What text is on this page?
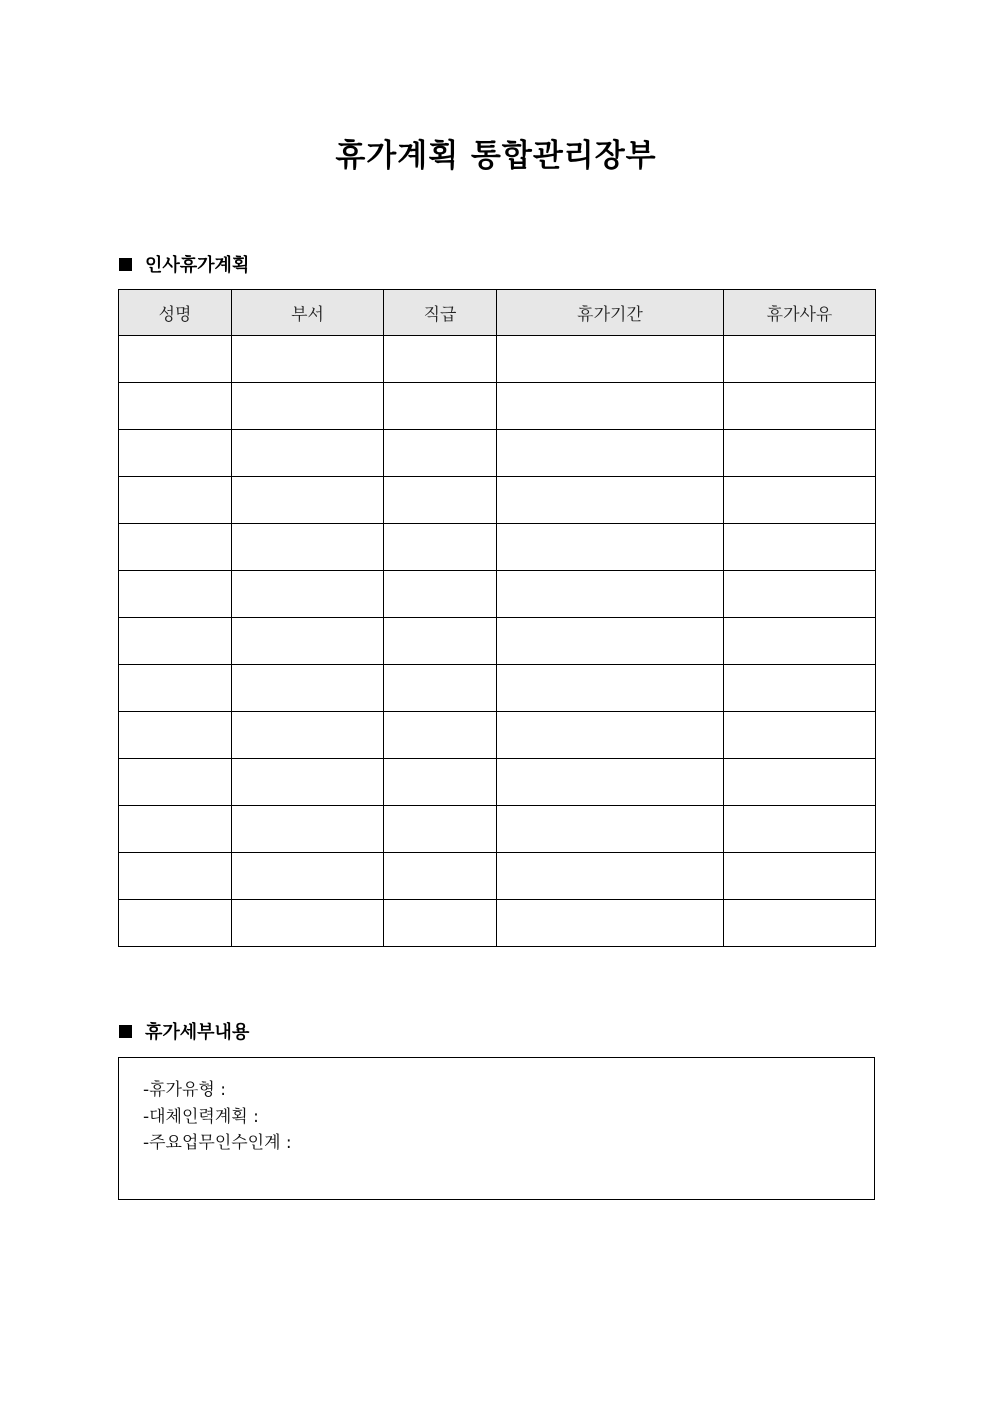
휴가계획 통합관리장부
인사휴가계획
성명	부서	직급	휴가기간	휴가사유

휴가세부내용
-휴가유형 :
-대체인력계획 :
-주요업무인수인계 :
